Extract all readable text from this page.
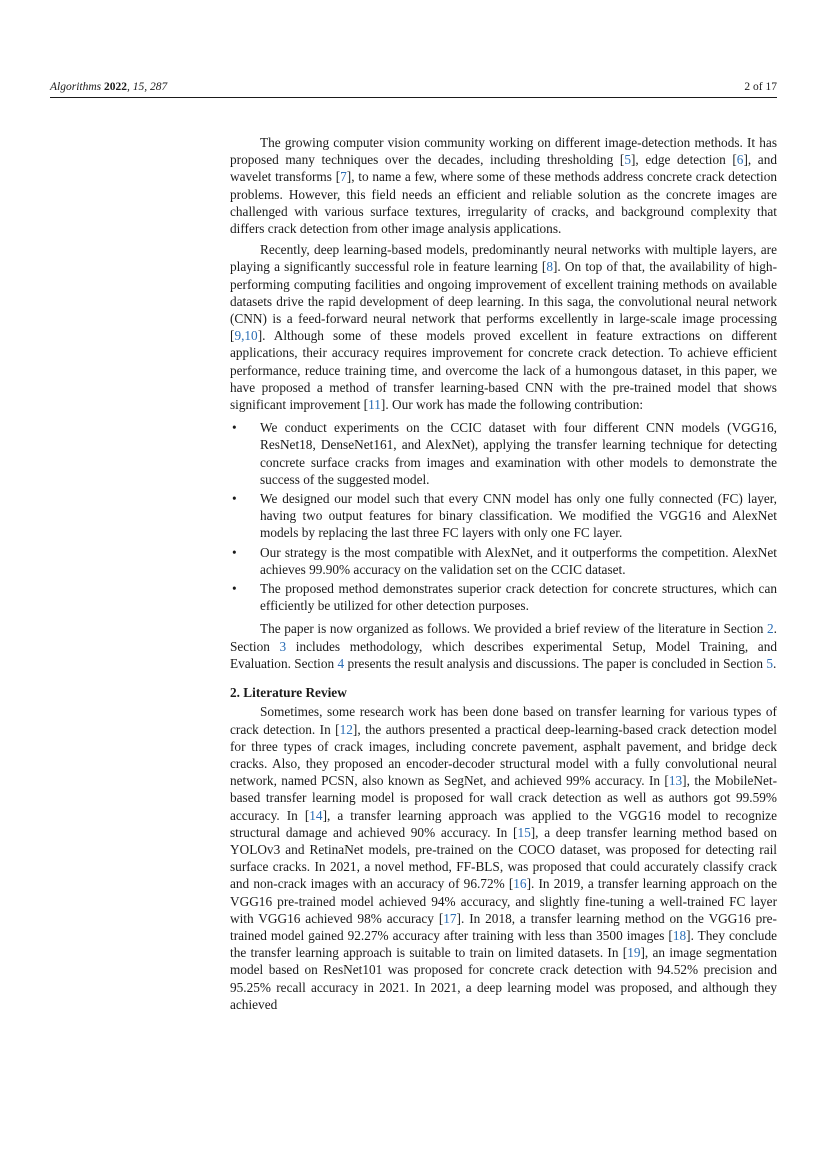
Algorithms 2022, 15, 287	2 of 17

The growing computer vision community working on different image-detection methods. It has proposed many techniques over the decades, including thresholding [5], edge detection [6], and wavelet transforms [7], to name a few, where some of these methods address concrete crack detection problems. However, this field needs an efficient and reliable solution as the concrete images are challenged with various surface textures, irregularity of cracks, and background complexity that differs crack detection from other image analysis applications.

Recently, deep learning-based models, predominantly neural networks with multiple layers, are playing a significantly successful role in feature learning [8]. On top of that, the availability of high-performing computing facilities and ongoing improvement of excellent training methods on available datasets drive the rapid development of deep learning. In this saga, the convolutional neural network (CNN) is a feed-forward neural network that performs excellently in large-scale image processing [9,10]. Although some of these models proved excellent in feature extractions on different applications, their accuracy requires improvement for concrete crack detection. To achieve efficient performance, reduce training time, and overcome the lack of a humongous dataset, in this paper, we have proposed a method of transfer learning-based CNN with the pre-trained model that shows significant improvement [11]. Our work has made the following contribution:

• We conduct experiments on the CCIC dataset with four different CNN models (VGG16, ResNet18, DenseNet161, and AlexNet), applying the transfer learning technique for detecting concrete surface cracks from images and examination with other models to demonstrate the success of the suggested model.
• We designed our model such that every CNN model has only one fully connected (FC) layer, having two output features for binary classification. We modified the VGG16 and AlexNet models by replacing the last three FC layers with only one FC layer.
• Our strategy is the most compatible with AlexNet, and it outperforms the competition. AlexNet achieves 99.90% accuracy on the validation set on the CCIC dataset.
• The proposed method demonstrates superior crack detection for concrete structures, which can efficiently be utilized for other detection purposes.

The paper is now organized as follows. We provided a brief review of the literature in Section 2. Section 3 includes methodology, which describes experimental Setup, Model Training, and Evaluation. Section 4 presents the result analysis and discussions. The paper is concluded in Section 5.

2. Literature Review

Sometimes, some research work has been done based on transfer learning for various types of crack detection. In [12], the authors presented a practical deep-learning-based crack detection model for three types of crack images, including concrete pavement, asphalt pavement, and bridge deck cracks. Also, they proposed an encoder-decoder structural model with a fully convolutional neural network, named PCSN, also known as SegNet, and achieved 99% accuracy. In [13], the MobileNet-based transfer learning model is proposed for wall crack detection as well as authors got 99.59% accuracy. In [14], a transfer learning approach was applied to the VGG16 model to recognize structural damage and achieved 90% accuracy. In [15], a deep transfer learning method based on YOLOv3 and RetinaNet models, pre-trained on the COCO dataset, was proposed for detecting rail surface cracks. In 2021, a novel method, FF-BLS, was proposed that could accurately classify crack and non-crack images with an accuracy of 96.72% [16]. In 2019, a transfer learning approach on the VGG16 pre-trained model achieved 94% accuracy, and slightly fine-tuning a well-trained FC layer with VGG16 achieved 98% accuracy [17]. In 2018, a transfer learning method on the VGG16 pre-trained model gained 92.27% accuracy after training with less than 3500 images [18]. They conclude the transfer learning approach is suitable to train on limited datasets. In [19], an image segmentation model based on ResNet101 was proposed for concrete crack detection with 94.52% precision and 95.25% recall accuracy in 2021. In 2021, a deep learning model was proposed, and although they achieved
